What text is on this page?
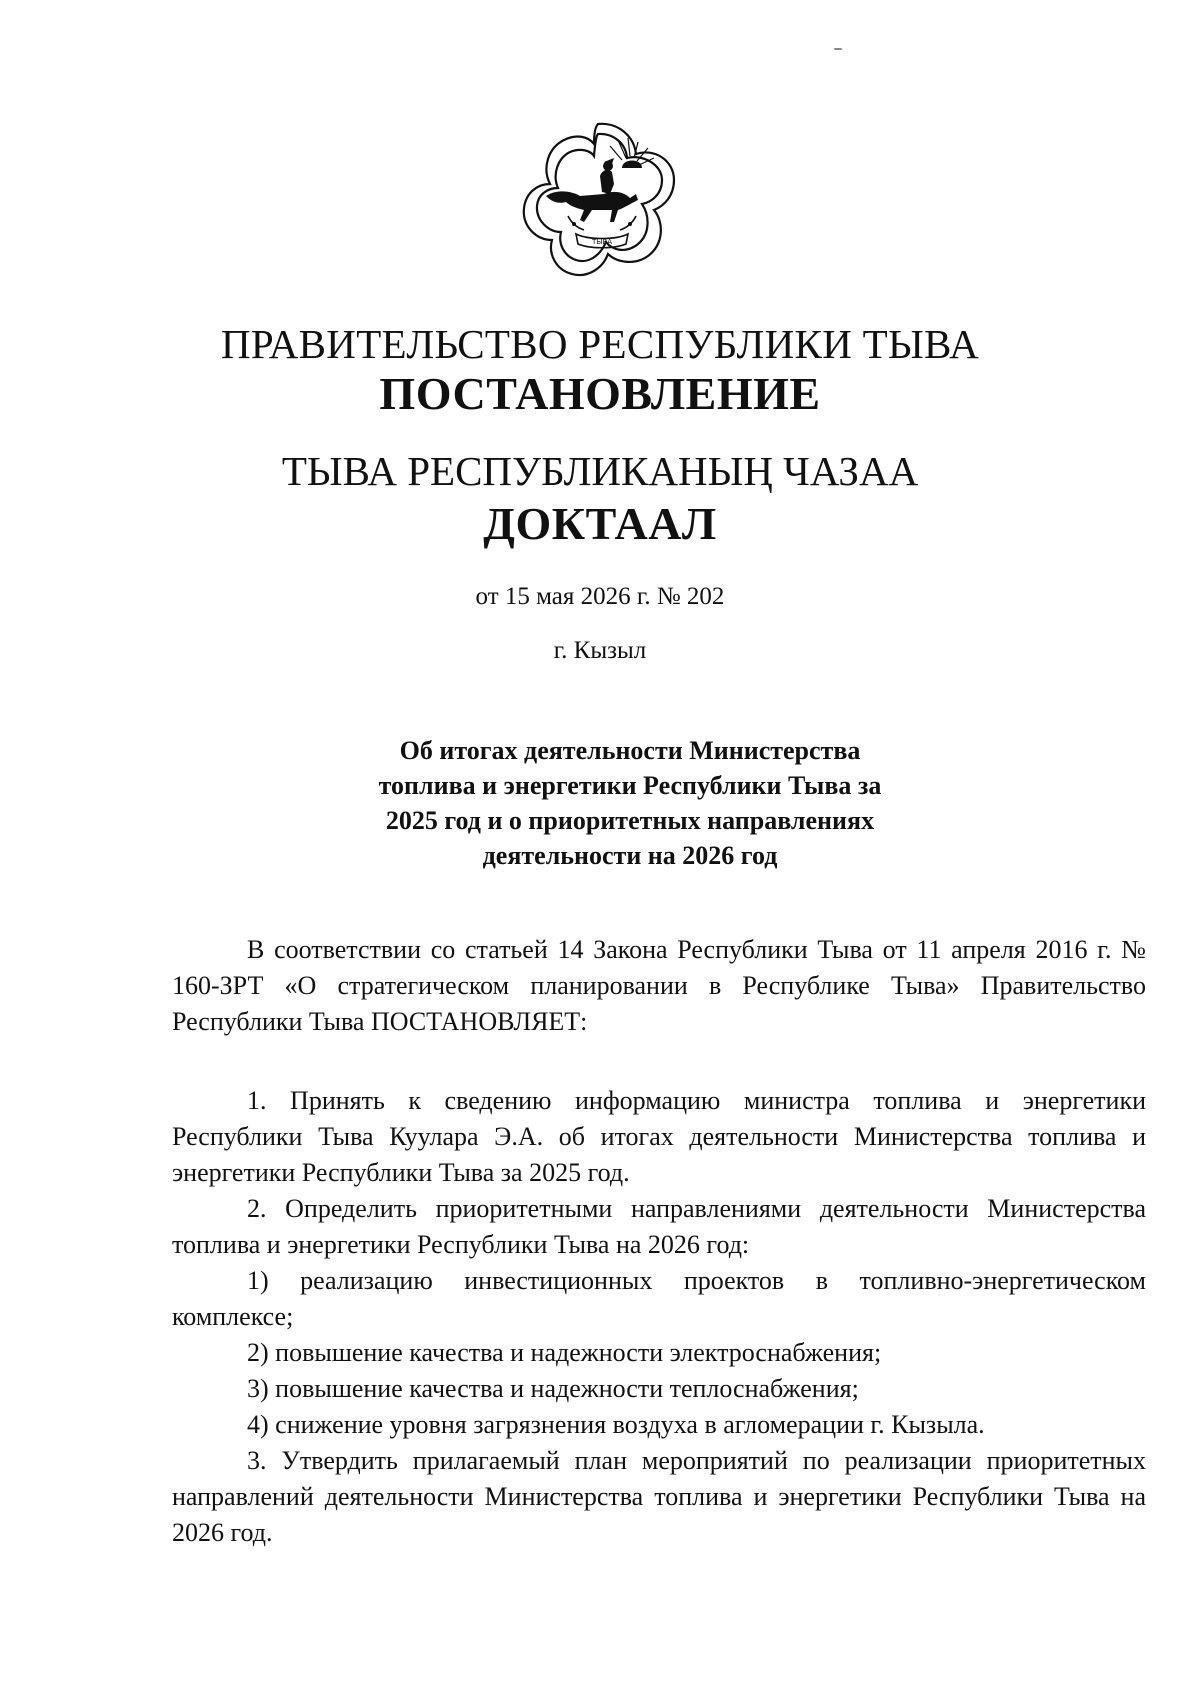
ТЫВА
ПРАВИТЕЛЬСТВО РЕСПУБЛИКИ ТЫВА
ПОСТАНОВЛЕНИЕ
ТЫВА РЕСПУБЛИКАНЫҢ ЧАЗАА
ДОКТААЛ
от 15 мая 2026 г. № 202
г. Кызыл
Об итогах деятельности Министерства
топлива и энергетики Республики Тыва за
2025 год и о приоритетных направлениях
деятельности на 2026 год

В соответствии со статьей 14 Закона Республики Тыва от 11 апреля 2016 г. № 160-ЗРТ «О стратегическом планировании в Республике Тыва» Правительство Республики Тыва ПОСТАНОВЛЯЕТ:

1. Принять к сведению информацию министра топлива и энергетики Республики Тыва Куулара Э.А. об итогах деятельности Министерства топлива и энергетики Республики Тыва за 2025 год.

2. Определить приоритетными направлениями деятельности Министерства топлива и энергетики Республики Тыва на 2026 год:

1) реализацию инвестиционных проектов в топливно-энергетическом комплексе;

2) повышение качества и надежности электроснабжения;

3) повышение качества и надежности теплоснабжения;

4) снижение уровня загрязнения воздуха в агломерации г. Кызыла.

3. Утвердить прилагаемый план мероприятий по реализации приоритетных направлений деятельности Министерства топлива и энергетики Республики Тыва на 2026 год.
